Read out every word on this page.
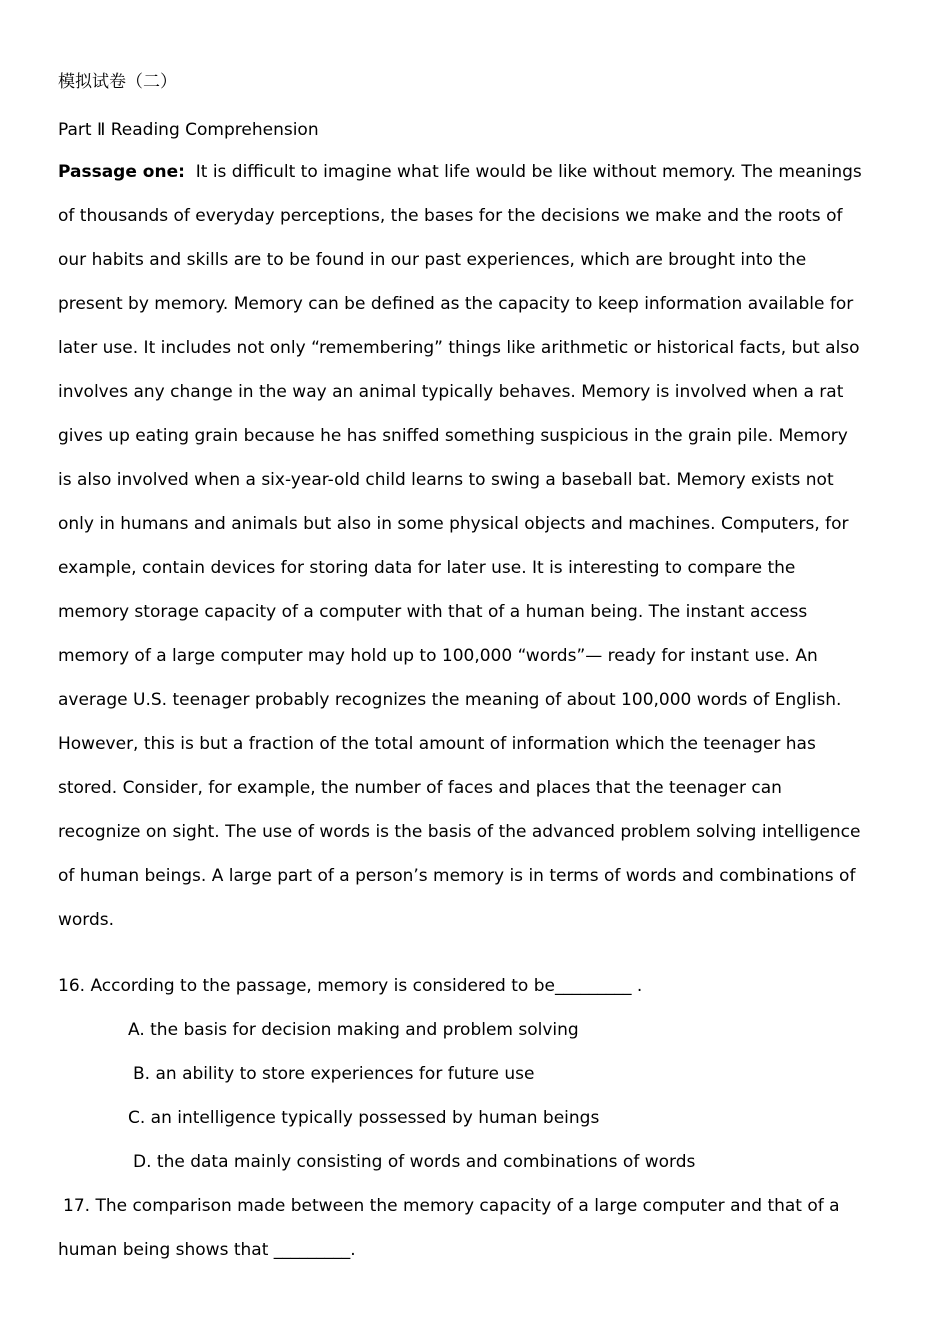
模拟试卷（二）
Part Ⅱ Reading Comprehension
Passage one: It is difficult to imagine what life would be like without memory. The meanings
of thousands of everyday perceptions, the bases for the decisions we make and the roots of
our habits and skills are to be found in our past experiences, which are brought into the
present by memory. Memory can be defined as the capacity to keep information available for
later use. It includes not only “remembering” things like arithmetic or historical facts, but also
involves any change in the way an animal typically behaves. Memory is involved when a rat
gives up eating grain because he has sniffed something suspicious in the grain pile. Memory
is also involved when a six-year-old child learns to swing a baseball bat. Memory exists not
only in humans and animals but also in some physical objects and machines. Computers, for
example, contain devices for storing data for later use. It is interesting to compare the
memory storage capacity of a computer with that of a human being. The instant access
memory of a large computer may hold up to 100,000 “words”— ready for instant use. An
average U.S. teenager probably recognizes the meaning of about 100,000 words of English.
However, this is but a fraction of the total amount of information which the teenager has
stored. Consider, for example, the number of faces and places that the teenager can
recognize on sight. The use of words is the basis of the advanced problem solving intelligence
of human beings. A large part of a person’s memory is in terms of words and combinations of
words.
16. According to the passage, memory is considered to be_________ .
A. the basis for decision making and problem solving
B. an ability to store experiences for future use
C. an intelligence typically possessed by human beings
D. the data mainly consisting of words and combinations of words
17. The comparison made between the memory capacity of a large computer and that of a
human being shows that _________.
